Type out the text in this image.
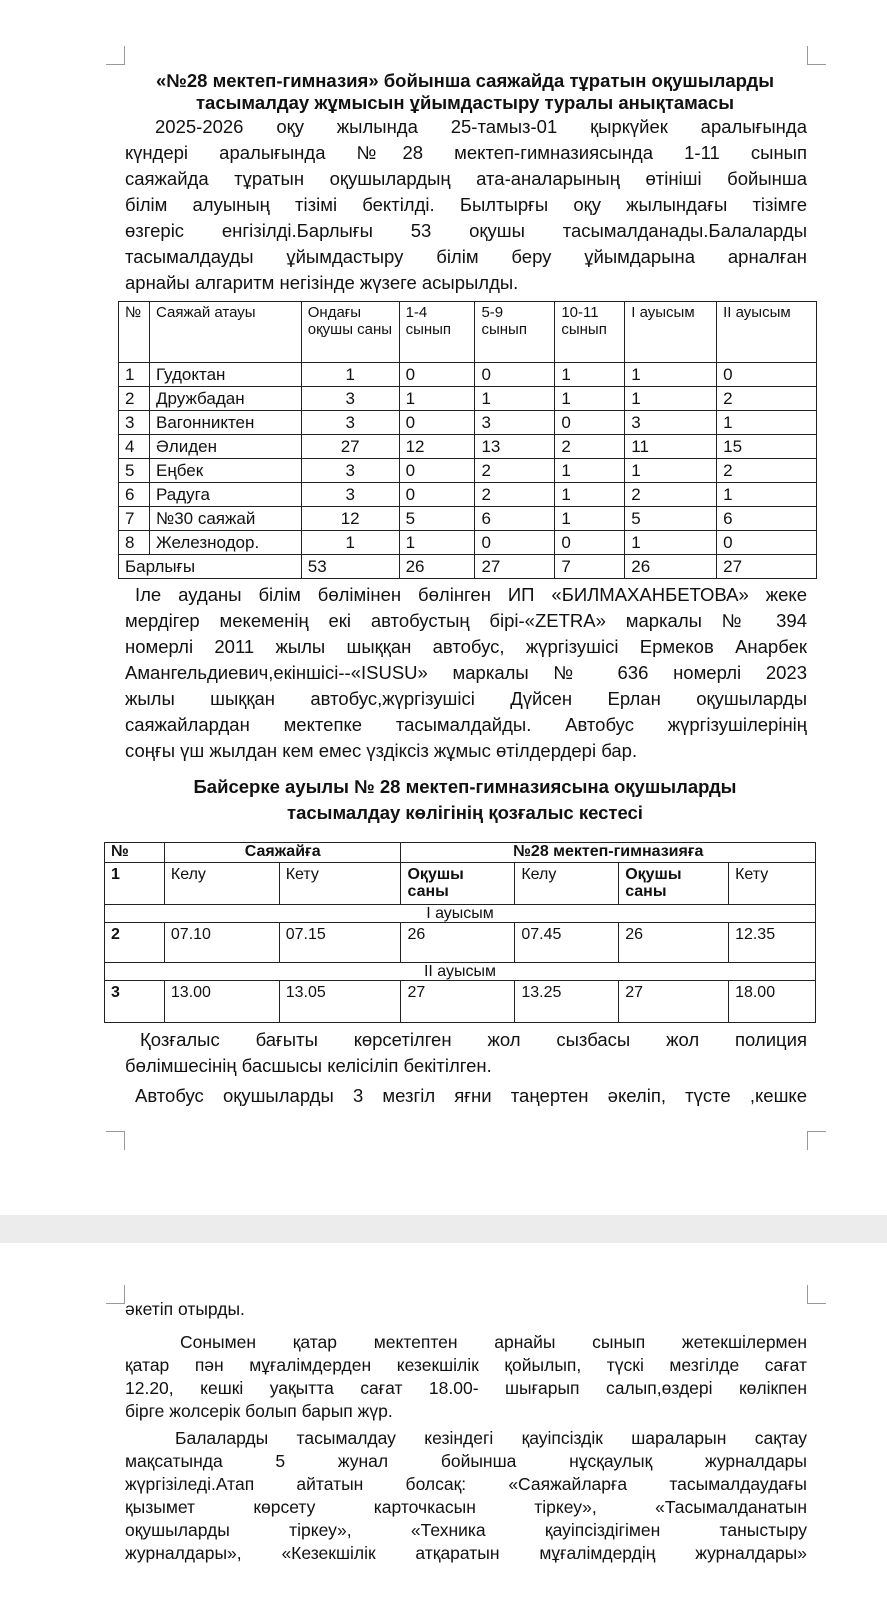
«№28 мектеп-гимназия» бойынша саяжайда тұратын оқушыларды
тасымалдау жұмысын ұйымдастыру туралы анықтамасы
2025-2026 оқу жылында 25-тамыз-01 қыркүйек аралығында
күндері аралығында №28 мектеп-гимназиясында 1-11 сынып
саяжайда тұратын оқушылардың ата-аналарының өтініші бойынша
білім алуының тізімі бектілді. Былтырғы оқу жылындағы тізімге
өзгеріс енгізілді.Барлығы 53 оқушы тасымалданады.Балаларды
тасымалдауды ұйымдастыру білім беру ұйымдарына арналған
арнайы алгаритм негізінде жүзеге асырылды.
№	Саяжай атауы	Ондағы оқушы саны	1-4 сынып	5-9 сынып	10-11 сынып	I ауысым	II ауысым
1	Гудоктан	1	0	0	1	1	0
2	Дружбадан	3	1	1	1	1	2
3	Вагонниктен	3	0	3	0	3	1
4	Әлиден	27	12	13	2	11	15
5	Еңбек	3	0	2	1	1	2
6	Радуга	3	0	2	1	2	1
7	№30 саяжай	12	5	6	1	5	6
8	Железнодор.	1	1	0	0	1	0
Барлығы		53	26	27	7	26	27
Іле ауданы білім бөлімінен бөлінген ИП «БИЛМАХАНБЕТОВА» жеке
мердігер мекеменің екі автобустың бірі-«ZETRA» маркалы № 394
номерлі 2011 жылы шыққан автобус, жүргізушісі Ермеков Анарбек
Амангельдиевич,екіншісі--«ISUSU» маркалы № 636 номерлі 2023
жылы шыққан автобус,жүргізушісі Дүйсен Ерлан оқушыларды
саяжайлардан мектепке тасымалдайды. Автобус жүргізушілерінің
соңғы үш жылдан кем емес үздіксіз жұмыс өтілдердері бар.
Байсерке ауылы № 28 мектеп-гимназиясына оқушыларды
тасымалдау көлігінің қозғалыс кестесі
№	Саяжайға		№28 мектеп-гимназияға			
1	Келу	Кету	Оқушы саны	Келу	Оқушы саны	Кету
I ауысым						
2	07.10	07.15	26	07.45	26	12.35
II ауысым						
3	13.00	13.05	27	13.25	27	18.00
Қозғалыс бағыты көрсетілген жол сызбасы жол полиция
бөлімшесінің басшысы келісіліп бекітілген.
Автобус оқушыларды 3 мезгіл яғни таңертен әкеліп, түсте ,кешке
әкетіп отырды.
Сонымен қатар мектептен арнайы сынып жетекшілермен
қатар пән мұғалімдерден кезекшілік қойылып, түскі мезгілде сағат
12.20, кешкі уақытта сағат 18.00- шығарып салып,өздері көлікпен
бірге жолсерік болып барып жүр.
Балаларды тасымалдау кезіндегі қауіпсіздік шараларын сақтау
мақсатында 5 жунал бойынша нұсқаулық журналдары
жүргізіледі.Атап айтатын болсақ: «Саяжайларға тасымалдаудағы
қызымет көрсету карточкасын тіркеу», «Тасымалданатын
оқушыларды тіркеу», «Техника қауіпсіздігімен таныстыру
журналдары», «Кезекшілік атқаратын мұғалімдердің журналдары»
